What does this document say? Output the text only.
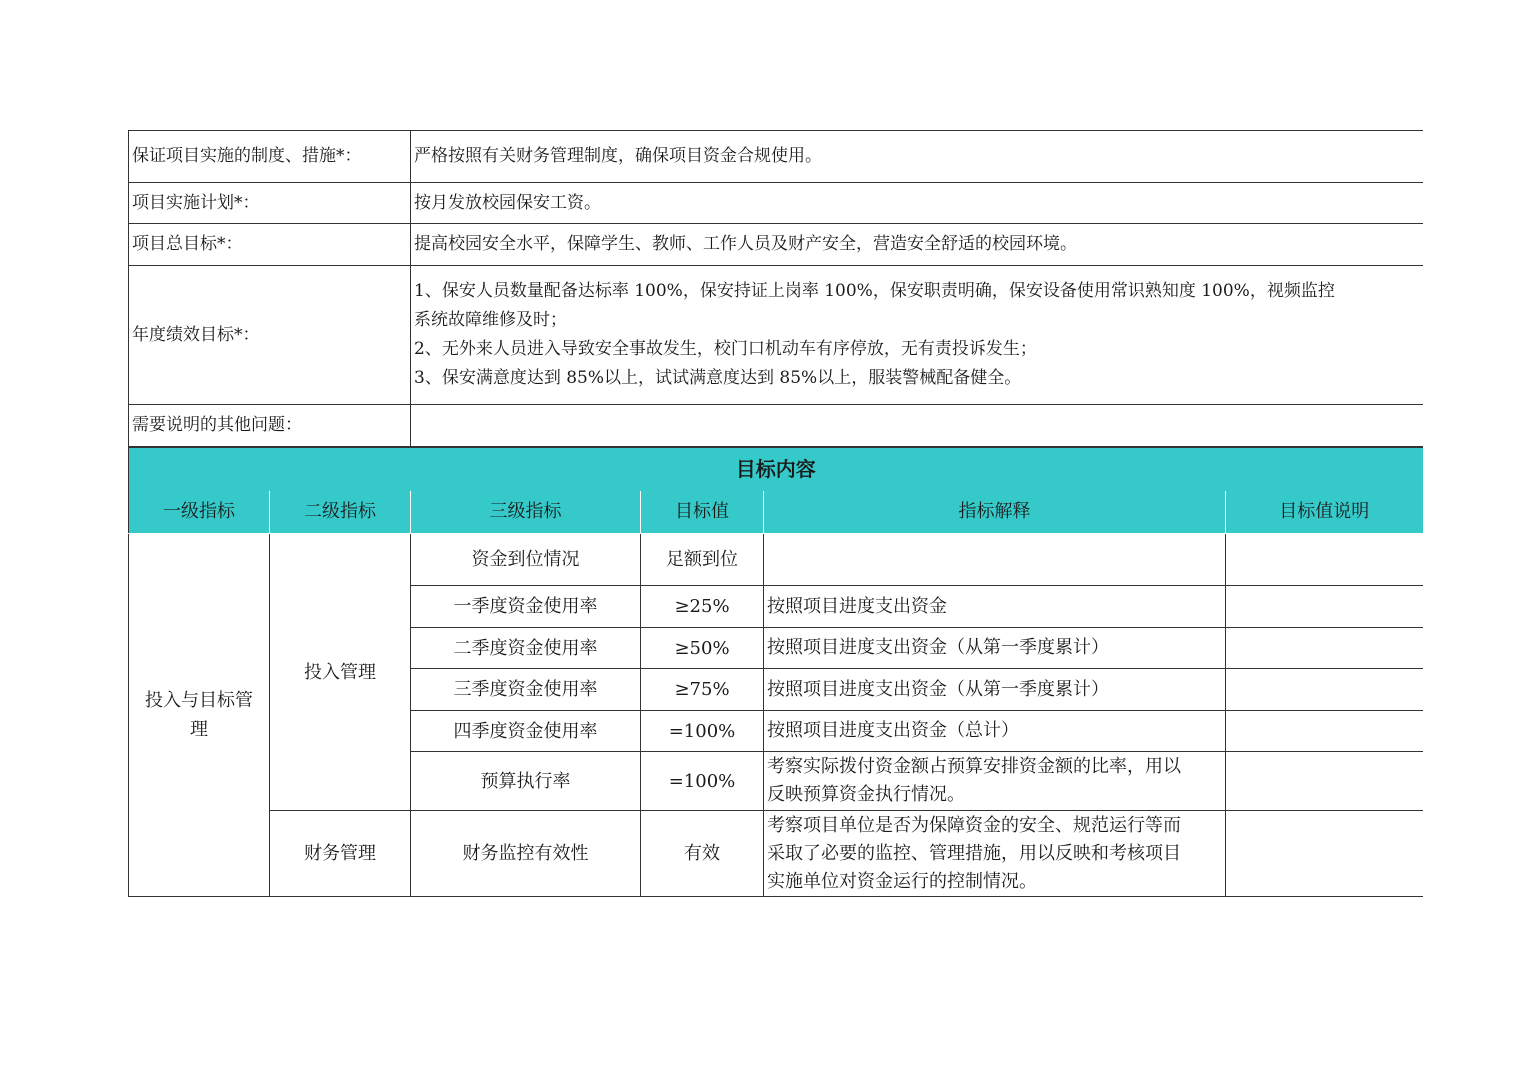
保证项目实施的制度、措施*：	严格按照有关财务管理制度，确保项目资金合规使用。
项目实施计划*：	按月发放校园保安工资。
项目总目标*：	提高校园安全水平，保障学生、教师、工作人员及财产安全，营造安全舒适的校园环境。
年度绩效目标*：	1、保安人员数量配备达标率 100%，保安持证上岗率 100%，保安职责明确，保安设备使用常识熟知度 100%，视频监控
系统故障维修及时；
2、无外来人员进入导致安全事故发生，校门口机动车有序停放，无有责投诉发生；
3、保安满意度达到 85%以上，试试满意度达到 85%以上，服装警械配备健全。

需要说明的其他问题：	
目标内容					
一级指标	二级指标	三级指标	目标值	指标解释	目标值说明

投入与目标管
理	投入管理	资金到位情况	足额到位		
		一季度资金使用率	≥25%	按照项目进度支出资金	
		二季度资金使用率	≥50%	按照项目进度支出资金（从第一季度累计）	
		三季度资金使用率	≥75%	按照项目进度支出资金（从第一季度累计）	
		四季度资金使用率	=100%	按照项目进度支出资金（总计）	
		预算执行率	=100%	考察实际拨付资金额占预算安排资金额的比率，用以
反映预算资金执行情况。	

	财务管理	财务监控有效性	有效	考察项目单位是否为保障资金的安全、规范运行等而
采取了必要的监控、管理措施，用以反映和考核项目
实施单位对资金运行的控制情况。	
